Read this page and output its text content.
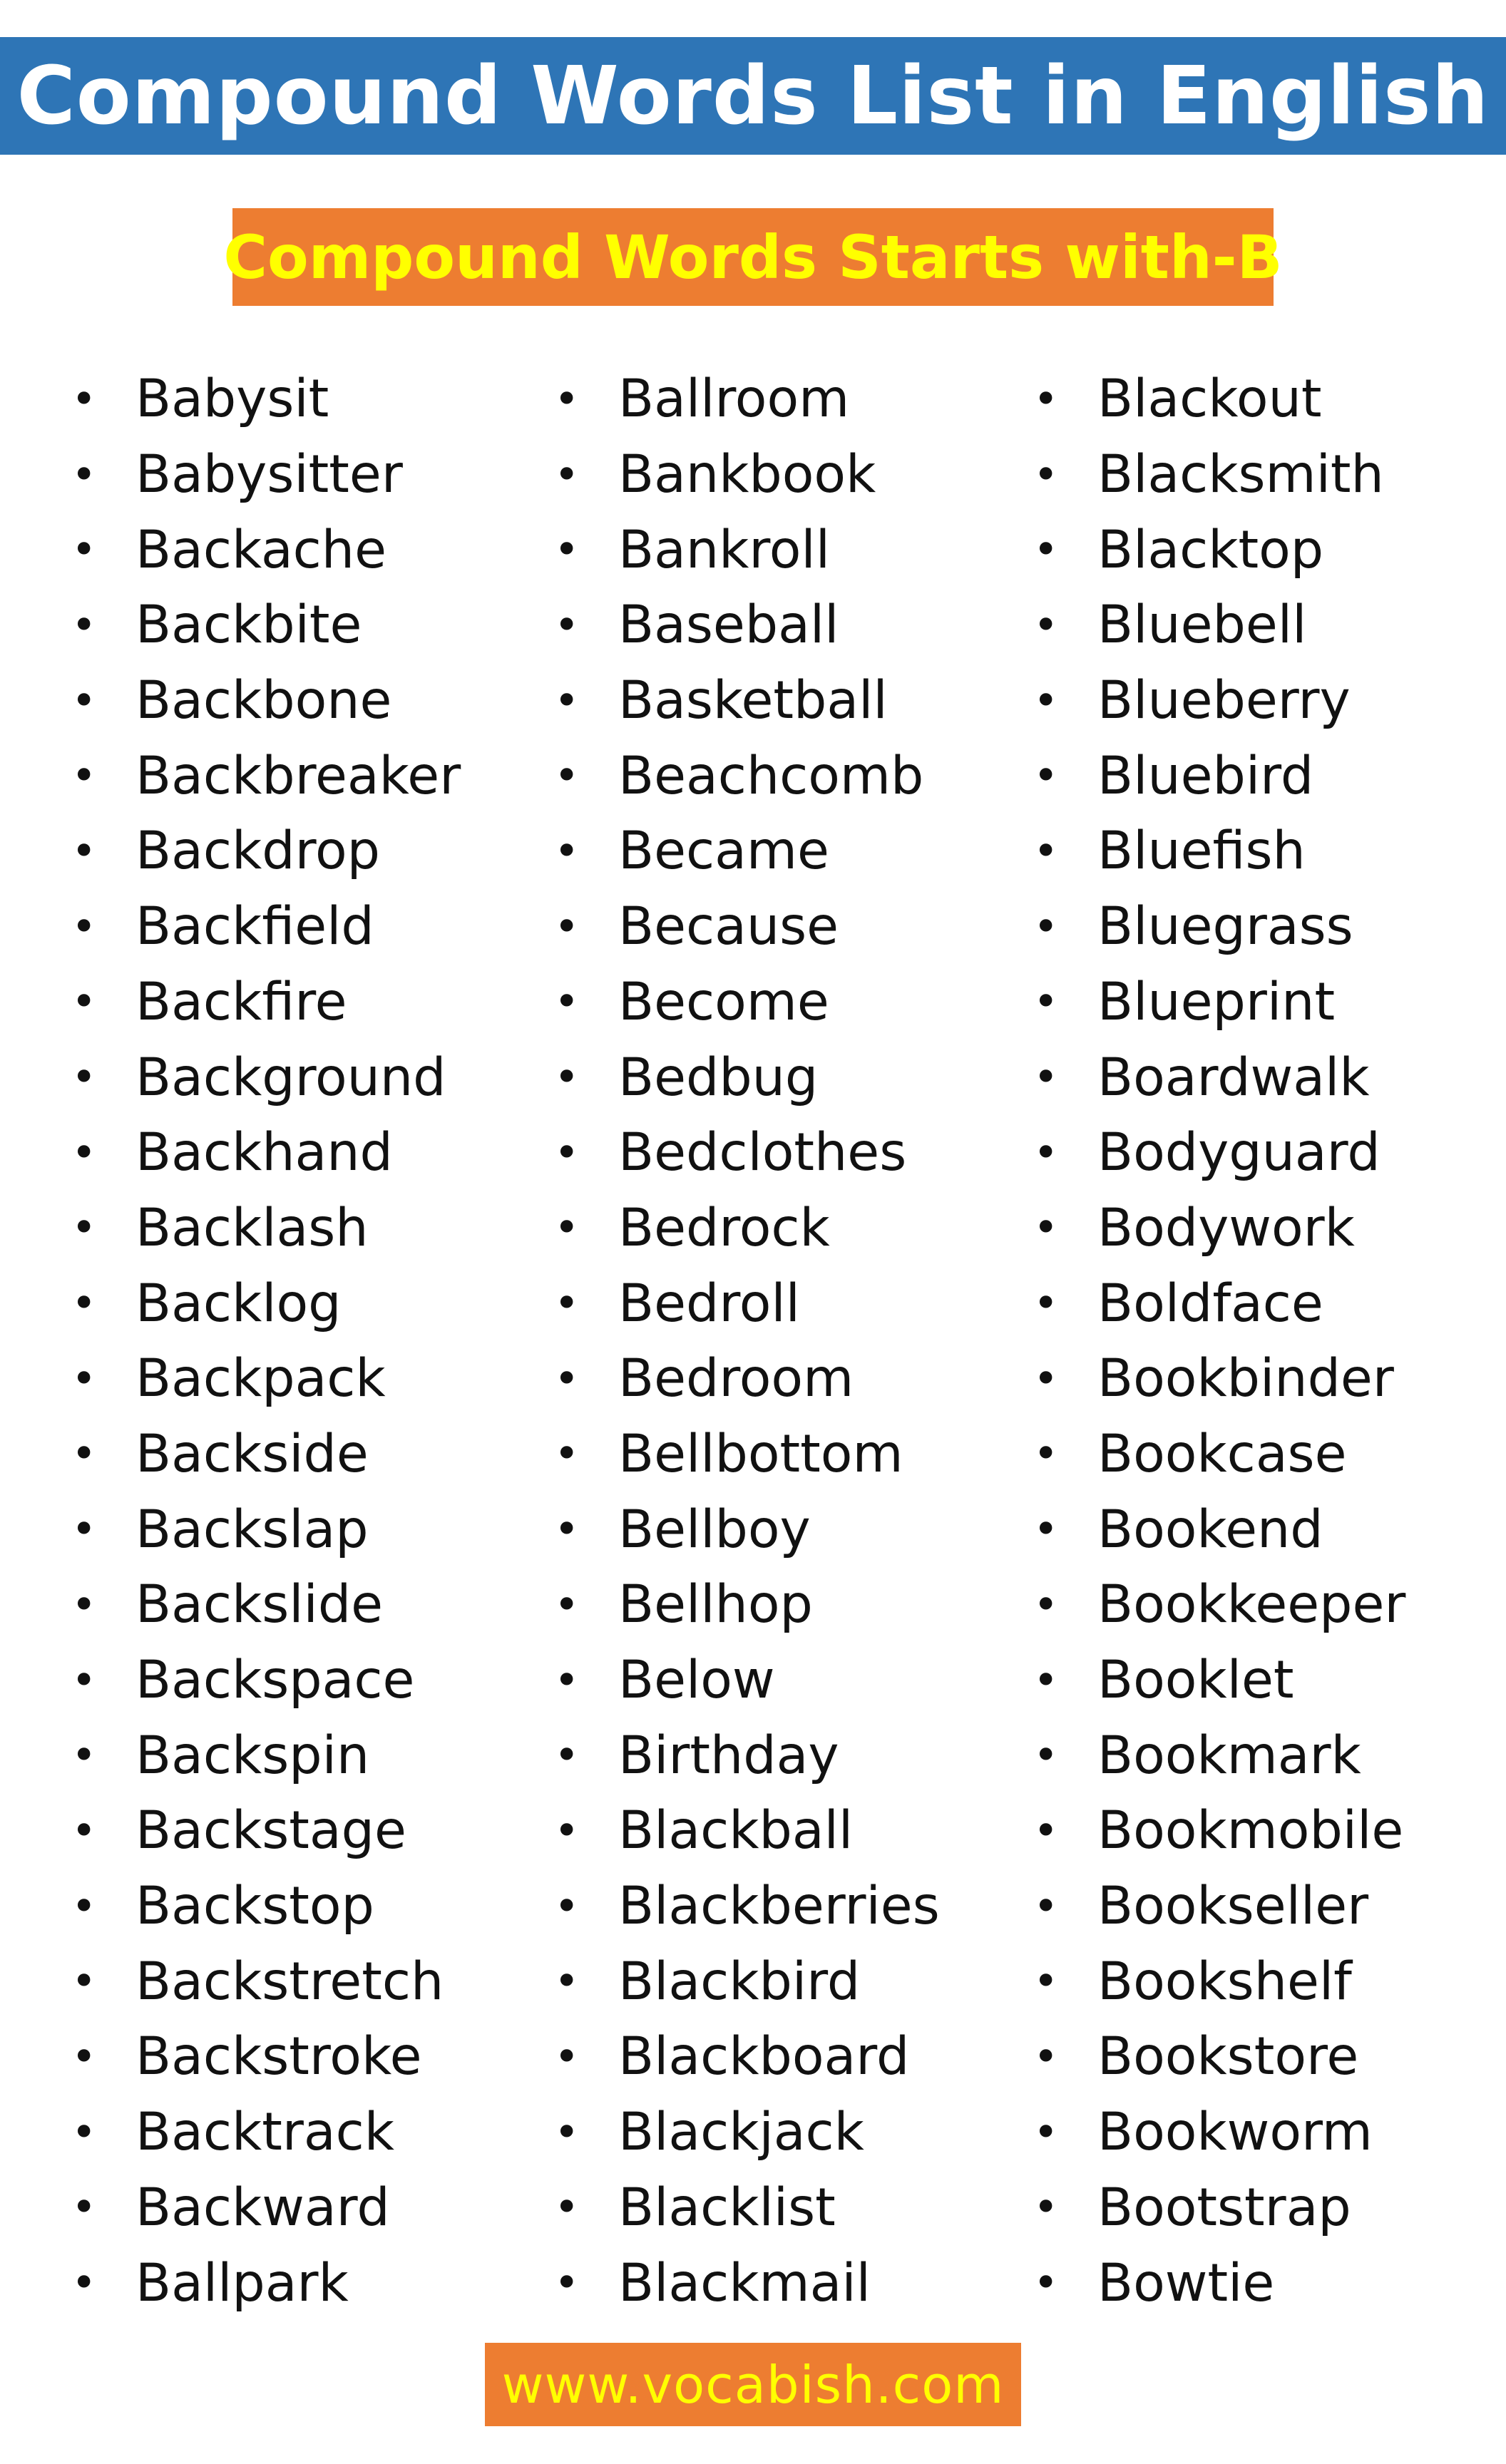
Compound Words List in English
Compound Words Starts with-B
• Babysit
• Babysitter
• Backache
• Backbite
• Backbone
• Backbreaker
• Backdrop
• Backfield
• Backfire
• Background
• Backhand
• Backlash
• Backlog
• Backpack
• Backside
• Backslap
• Backslide
• Backspace
• Backspin
• Backstage
• Backstop
• Backstretch
• Backstroke
• Backtrack
• Backward
• Ballpark
• Ballroom
• Bankbook
• Bankroll
• Baseball
• Basketball
• Beachcomb
• Became
• Because
• Become
• Bedbug
• Bedclothes
• Bedrock
• Bedroll
• Bedroom
• Bellbottom
• Bellboy
• Bellhop
• Below
• Birthday
• Blackball
• Blackberries
• Blackbird
• Blackboard
• Blackjack
• Blacklist
• Blackmail
• Blackout
• Blacksmith
• Blacktop
• Bluebell
• Blueberry
• Bluebird
• Bluefish
• Bluegrass
• Blueprint
• Boardwalk
• Bodyguard
• Bodywork
• Boldface
• Bookbinder
• Bookcase
• Bookend
• Bookkeeper
• Booklet
• Bookmark
• Bookmobile
• Bookseller
• Bookshelf
• Bookstore
• Bookworm
• Bootstrap
• Bowtie
www.vocabish.com
